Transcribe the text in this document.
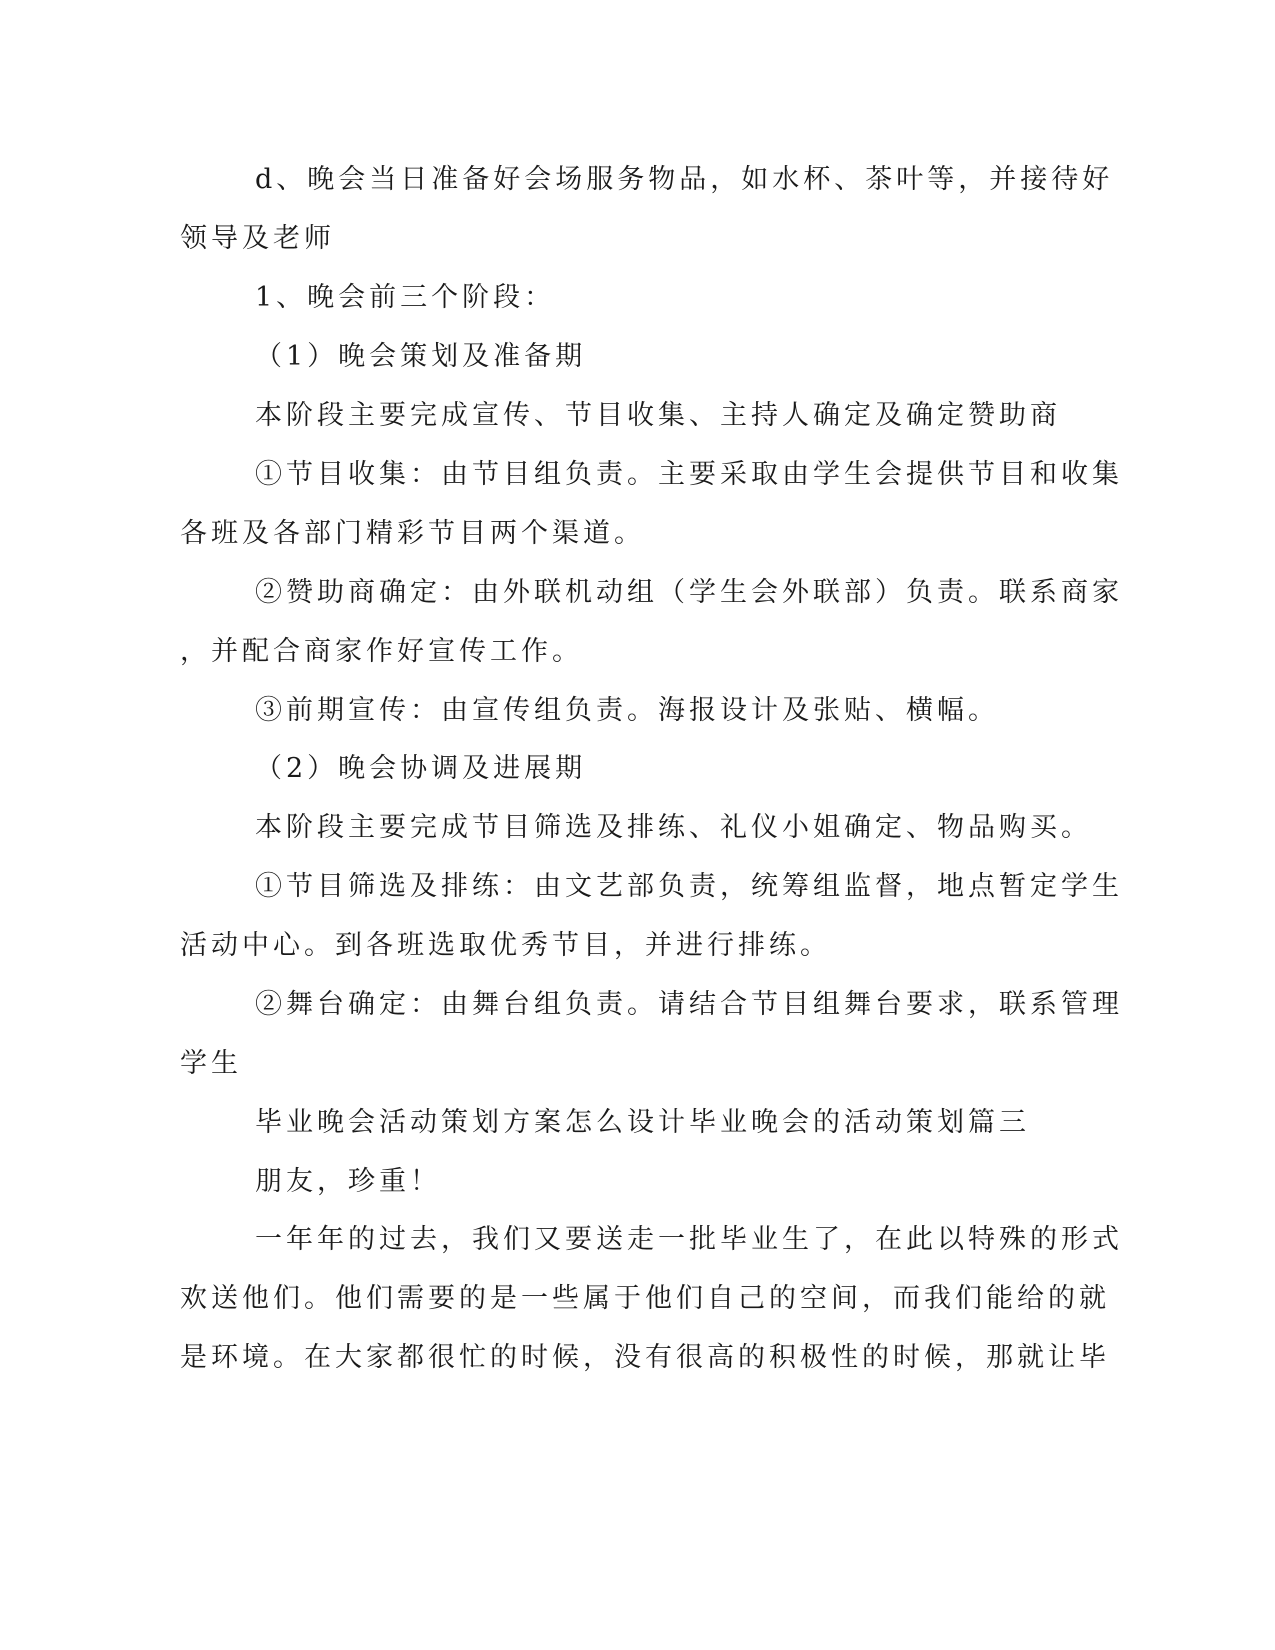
d、晚会当日准备好会场服务物品，如水杯、茶叶等，并接待好
领导及老师
1、晚会前三个阶段：
（1）晚会策划及准备期
本阶段主要完成宣传、节目收集、主持人确定及确定赞助商
①节目收集：由节目组负责。主要采取由学生会提供节目和收集
各班及各部门精彩节目两个渠道。
②赞助商确定：由外联机动组（学生会外联部）负责。联系商家
，并配合商家作好宣传工作。
③前期宣传：由宣传组负责。海报设计及张贴、横幅。
（2）晚会协调及进展期
本阶段主要完成节目筛选及排练、礼仪小姐确定、物品购买。
①节目筛选及排练：由文艺部负责，统筹组监督，地点暂定学生
活动中心。到各班选取优秀节目，并进行排练。
②舞台确定：由舞台组负责。请结合节目组舞台要求，联系管理
学生
毕业晚会活动策划方案怎么设计毕业晚会的活动策划篇三
朋友，珍重！
一年年的过去，我们又要送走一批毕业生了，在此以特殊的形式
欢送他们。他们需要的是一些属于他们自己的空间，而我们能给的就
是环境。在大家都很忙的时候，没有很高的积极性的时候，那就让毕
